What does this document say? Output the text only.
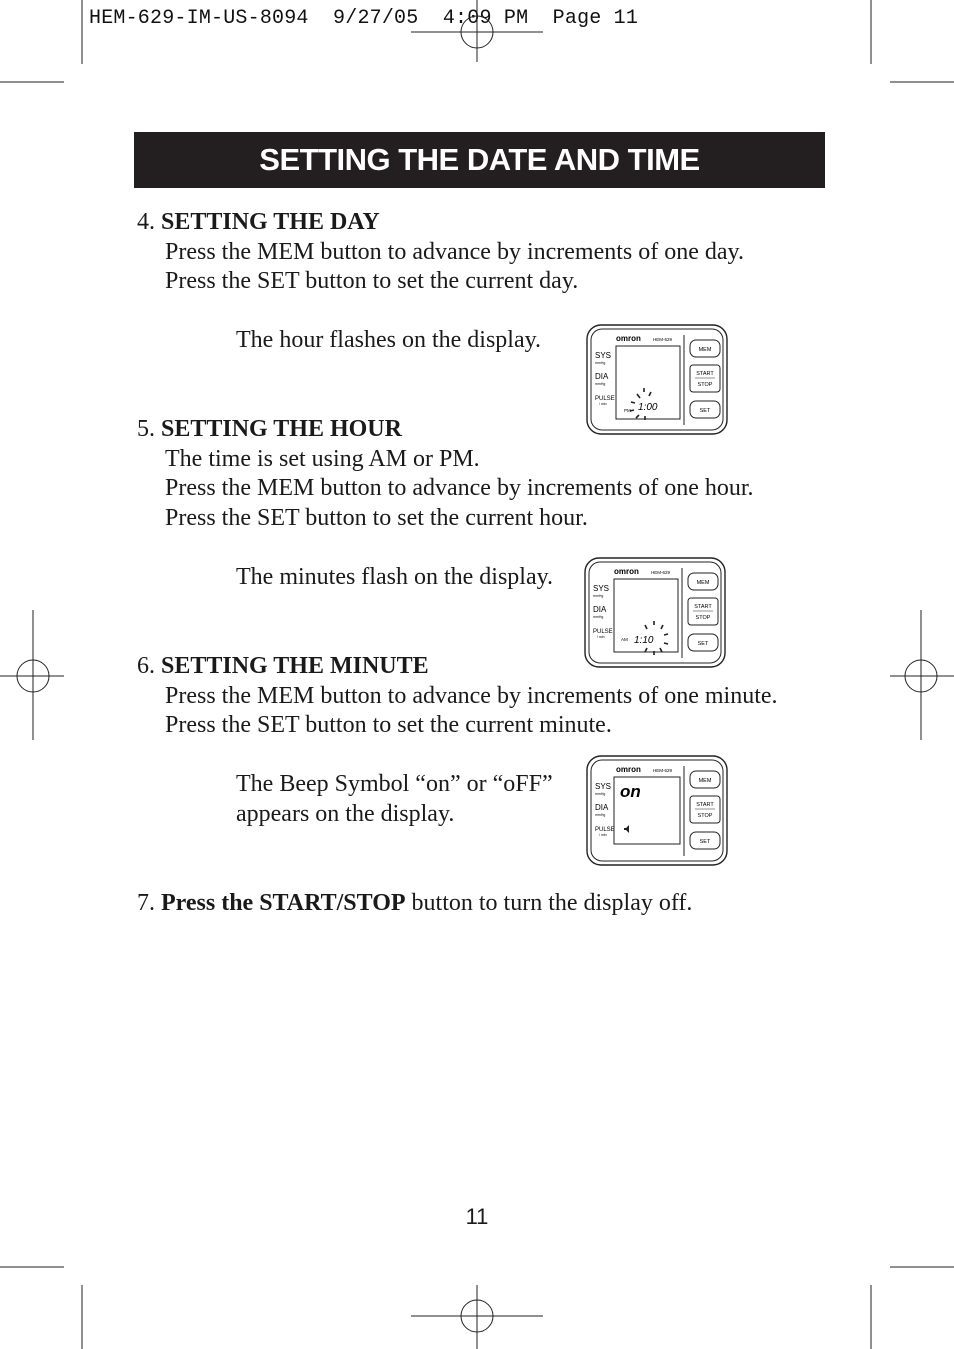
HEM-629-IM-US-8094  9/27/05  4:09 PM  Page 11
SETTING THE DATE AND TIME
4. SETTING THE DAY
Press the MEM button to advance by increments of one day.
Press the SET button to set the current day.
The hour flashes on the display.
5. SETTING THE HOUR
The time is set using AM or PM.
Press the MEM button to advance by increments of one hour.
Press the SET button to set the current hour.
The minutes flash on the display.
6. SETTING THE MINUTE
Press the MEM button to advance by increments of one minute.
Press the SET button to set the current minute.
The Beep Symbol “on” or “oFF”
appears on the display.
7. Press the START/STOP button to turn the display off.
omron	HEM-629
SYS
mmHg
DIA
mmHg
PULSE
/ min
PM 1:00
MEM
START
STOP
SET
omron	HEM-629
SYS
mmHg
DIA
mmHg
PULSE
/ min	AM 1:10
MEM
START
STOP
SET
omron	HEM-629
SYS
mmHg
DIA
mmHg
PULSE
/ min
on
MEM
START
STOP
SET
11
